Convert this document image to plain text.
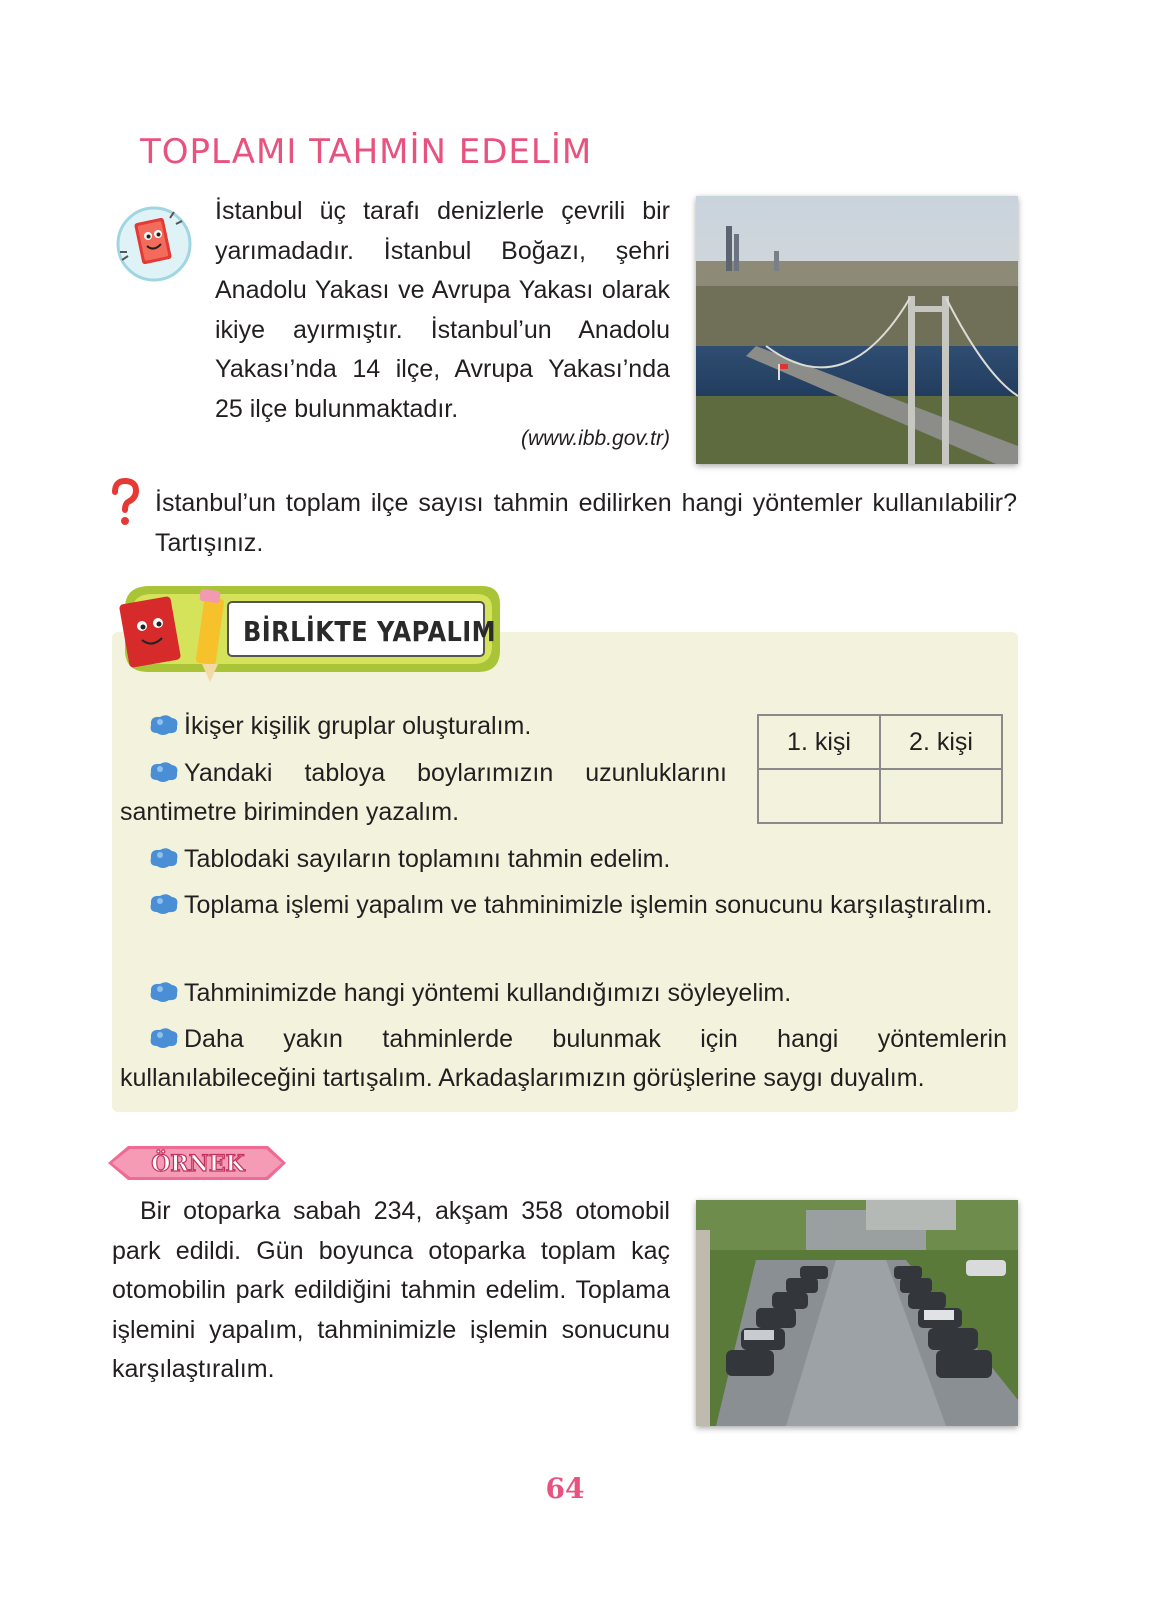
TOPLAMI TAHMİN EDELİM
İstanbul üç tarafı denizlerle çevrili bir yarımadadır. İstanbul Boğazı, şehri Anadolu Yakası ve Avrupa Yakası olarak ikiye ayırmıştır. İstanbul’un Anadolu Yakası’nda 14 ilçe, Avrupa Yakası’nda 25 ilçe bulunmaktadır.
(www.ibb.gov.tr)
İstanbul’un toplam ilçe sayısı tahmin edilirken hangi yöntemler kullanılabilir? Tartışınız.
BİRLİKTE YAPALIM
İkişer kişilik gruplar oluşturalım.
Yandaki tabloya boylarımızın uzunluklarını santimetre biriminden yazalım.
1. kişi	2. kişi

Tablodaki sayıların toplamını tahmin edelim.
Toplama işlemi yapalım ve tahminimizle işlemin sonucunu karşılaştıralım.
Tahminimizde hangi yöntemi kullandığımızı söyleyelim.
Daha yakın tahminlerde bulunmak için hangi yöntemlerin kullanılabileceğini tartışalım. Arkadaşlarımızın görüşlerine saygı duyalım.
ÖRNEK
Bir otoparka sabah 234, akşam 358 otomobil park edildi. Gün boyunca otoparka toplam kaç otomobilin park edildiğini tahmin edelim. Toplama işlemini yapalım, tahminimizle işlemin sonucunu karşılaştıralım.
64
